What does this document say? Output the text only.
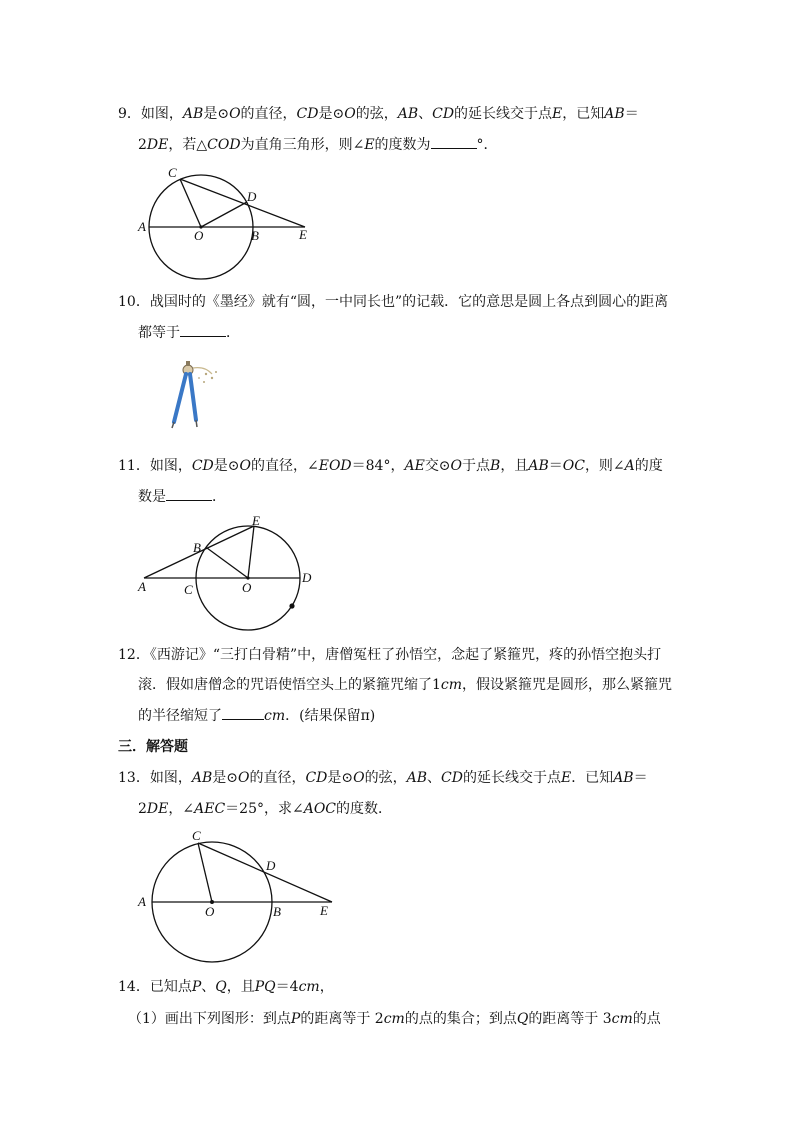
9．如图，AB是⊙O的直径，CD是⊙O的弦，AB、CD的延长线交于点E，已知AB＝
2DE，若△COD为直角三角形，则∠E的度数为	°．
C
D
A
O	B	E
10．战国时的《墨经》就有“圆，一中同长也”的记载．它的意思是圆上各点到圆心的距离
都等于	．
11．如图，CD是⊙O的直径，∠EOD＝84°，AE交⊙O于点B，且AB＝OC，则∠A的度
数是	．
E
B
A	C	O
D
12．《西游记》“三打白骨精”中，唐僧冤枉了孙悟空，念起了紧箍咒，疼的孙悟空抱头打
滚．假如唐僧念的咒语使悟空头上的紧箍咒缩了1cm，假设紧箍咒是圆形，那么紧箍咒
的半径缩短了	cm．(结果保留π)
三．解答题
13．如图，AB是⊙O的直径，CD是⊙O的弦，AB、CD的延长线交于点E．已知AB＝
2DE，∠AEC＝25°，求∠AOC的度数．
C
D
A
O	B	E
14．已知点P、Q，且PQ＝4cm，
（1）画出下列图形：到点P的距离等于 2cm的点的集合；到点Q的距离等于 3cm的点
